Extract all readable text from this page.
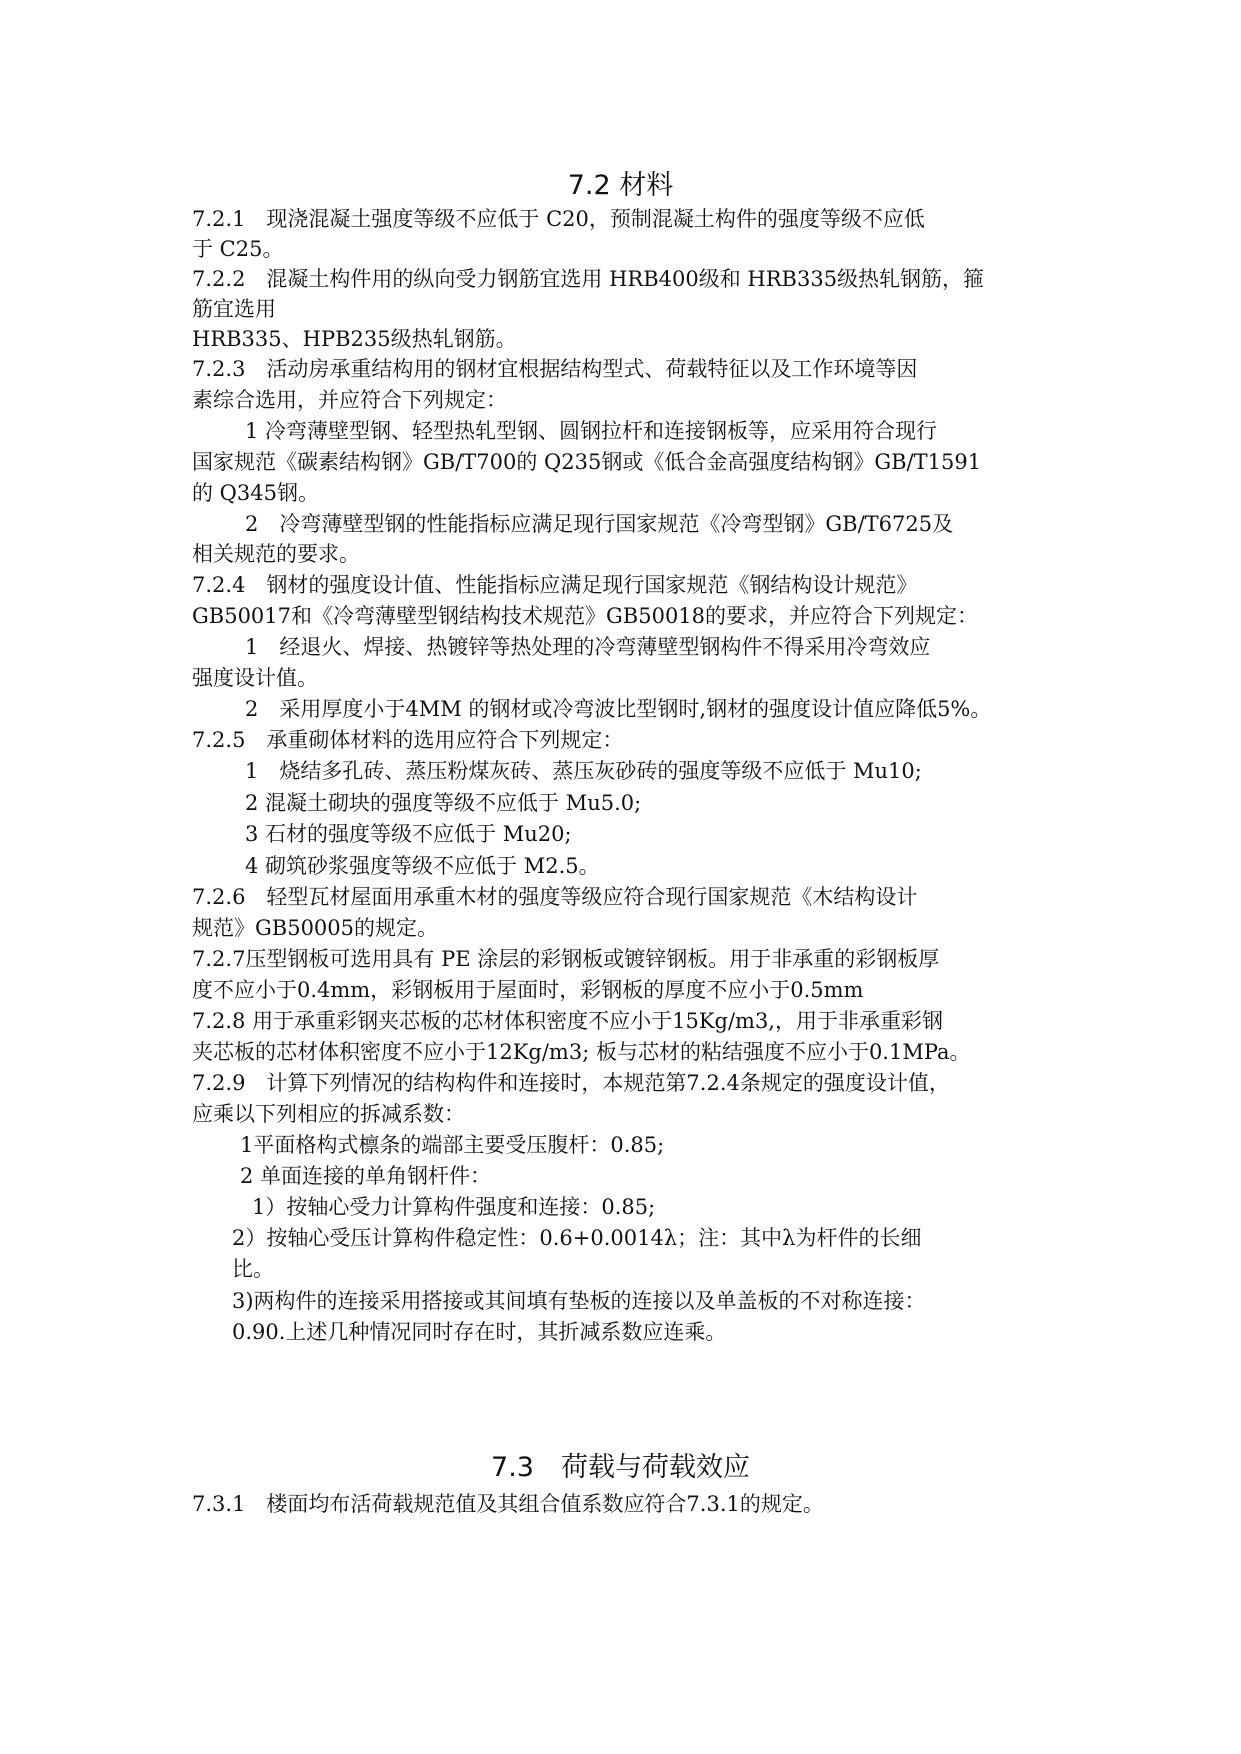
7.2 材料
7.3　荷载与荷载效应
7.2.1　现浇混凝土强度等级不应低于 C20，预制混凝土构件的强度等级不应低
于 C25。
7.2.2　混凝土构件用的纵向受力钢筋宜选用 HRB400级和 HRB335级热轧钢筋，箍
筋宜选用
HRB335、HPB235级热轧钢筋。
7.2.3　活动房承重结构用的钢材宜根据结构型式、荷载特征以及工作环境等因
素综合选用，并应符合下列规定：
1 冷弯薄壁型钢、轻型热轧型钢、圆钢拉杆和连接钢板等，应采用符合现行
国家规范《碳素结构钢》GB/T700的 Q235钢或《低合金高强度结构钢》GB/T1591
的 Q345钢。
2　冷弯薄壁型钢的性能指标应满足现行国家规范《冷弯型钢》GB/T6725及
相关规范的要求。
7.2.4　钢材的强度设计值、性能指标应满足现行国家规范《钢结构设计规范》
GB50017和《冷弯薄壁型钢结构技术规范》GB50018的要求，并应符合下列规定：
1　经退火、焊接、热镀锌等热处理的冷弯薄壁型钢构件不得采用冷弯效应
强度设计值。
2　采用厚度小于4MM 的钢材或冷弯波比型钢时,钢材的强度设计值应降低5%。
7.2.5　承重砌体材料的选用应符合下列规定：
1　烧结多孔砖、蒸压粉煤灰砖、蒸压灰砂砖的强度等级不应低于 Mu10;
2 混凝土砌块的强度等级不应低于 Mu5.0;
3 石材的强度等级不应低于 Mu20;
4 砌筑砂浆强度等级不应低于 M2.5。
7.2.6　轻型瓦材屋面用承重木材的强度等级应符合现行国家规范《木结构设计
规范》GB50005的规定。
7.2.7压型钢板可选用具有 PE 涂层的彩钢板或镀锌钢板。用于非承重的彩钢板厚
度不应小于0.4mm，彩钢板用于屋面时，彩钢板的厚度不应小于0.5mm
7.2.8 用于承重彩钢夹芯板的芯材体积密度不应小于15Kg/m3,，用于非承重彩钢
夹芯板的芯材体积密度不应小于12Kg/m3; 板与芯材的粘结强度不应小于0.1MPa。
7.2.9　计算下列情况的结构构件和连接时，本规范第7.2.4条规定的强度设计值，
应乘以下列相应的拆减系数：
1平面格构式檩条的端部主要受压腹杆：0.85;
2 单面连接的单角钢杆件：
1）按轴心受力计算构件强度和连接：0.85;
2）按轴心受压计算构件稳定性：0.6+0.0014λ；注：其中λ为杆件的长细
比。
3)两构件的连接采用搭接或其间填有垫板的连接以及单盖板的不对称连接：
0.90.上述几种情况同时存在时，其折减系数应连乘。
7.3.1　楼面均布活荷载规范值及其组合值系数应符合7.3.1的规定。
